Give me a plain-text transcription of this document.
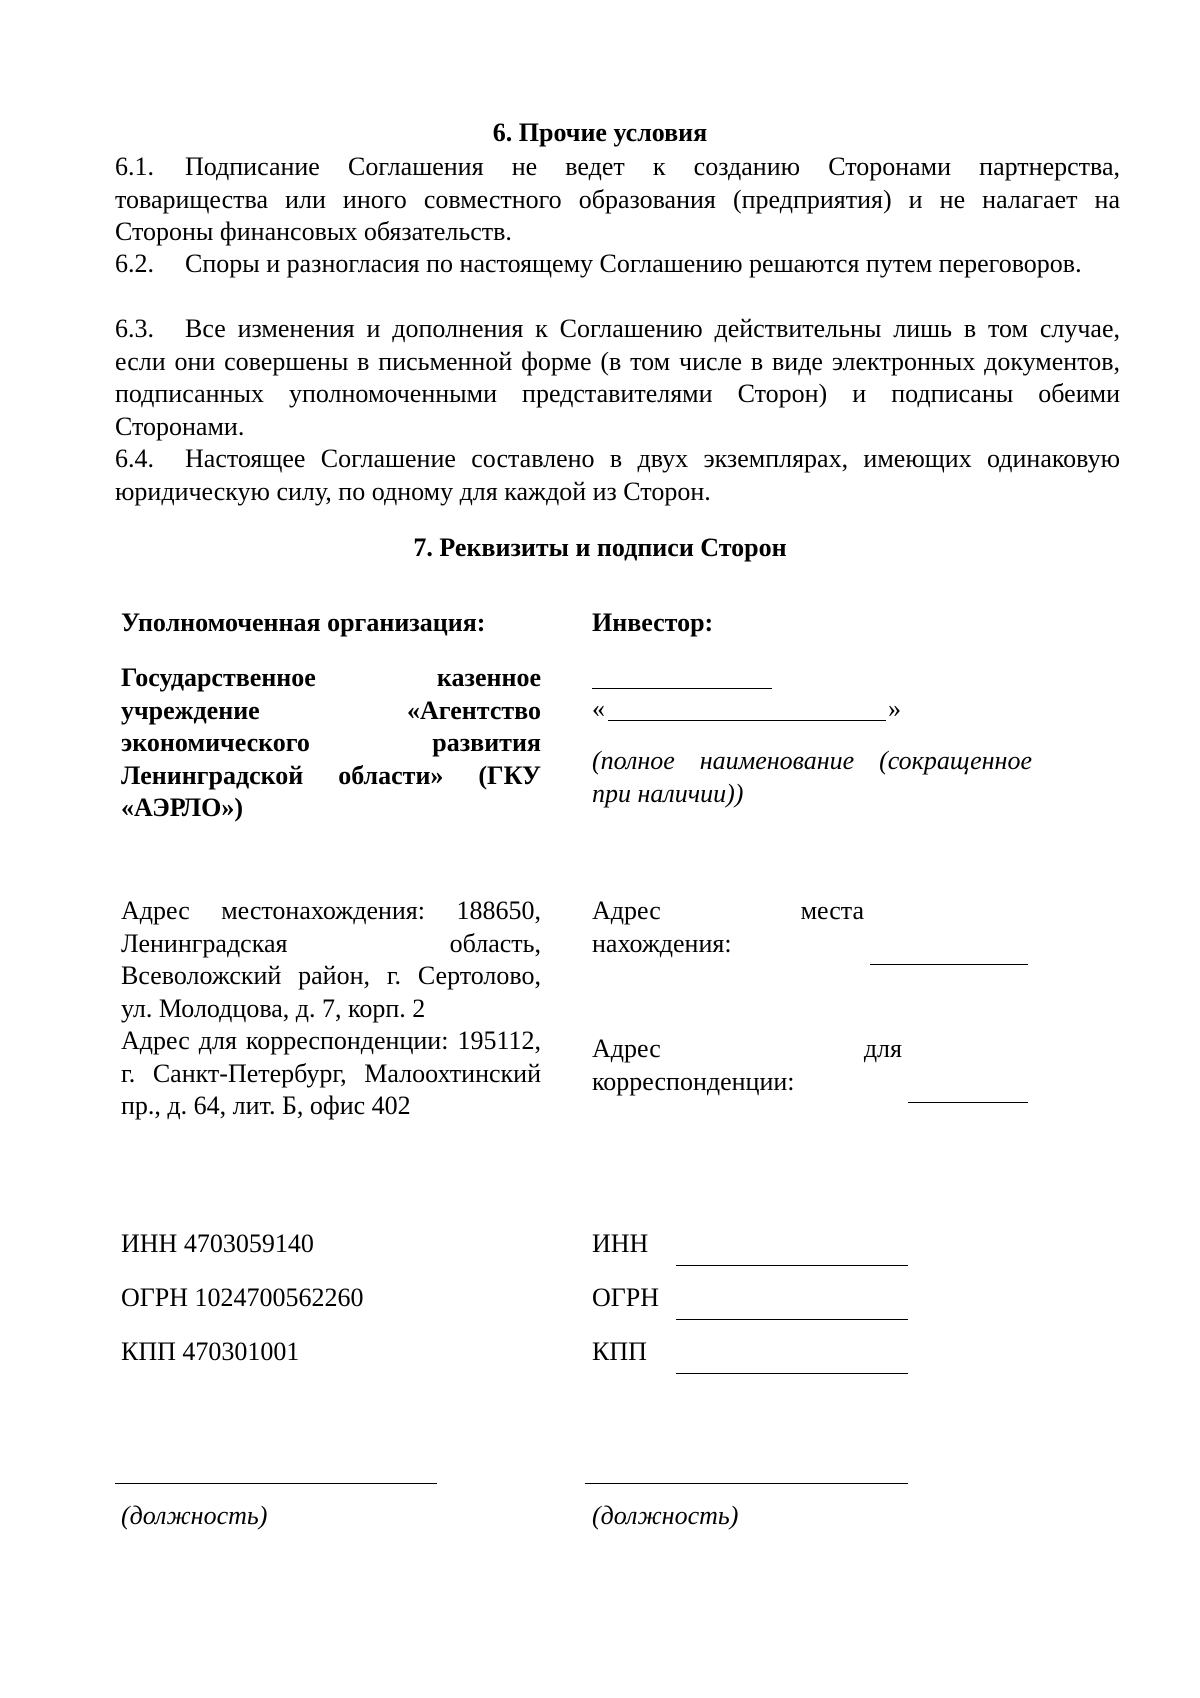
6. Прочие условия
6.1. Подписание Соглашения не ведет к созданию Сторонами партнерства, товарищества или иного совместного образования (предприятия) и не налагает на Стороны финансовых обязательств.
6.2. Споры и разногласия по настоящему Соглашению решаются путем переговоров.
6.3. Все изменения и дополнения к Соглашению действительны лишь в том случае, если они совершены в письменной форме (в том числе в виде электронных документов, подписанных уполномоченными представителями Сторон) и подписаны обеими Сторонами.
6.4. Настоящее Соглашение составлено в двух экземплярах, имеющих одинаковую юридическую силу, по одному для каждой из Сторон.
7. Реквизиты и подписи Сторон
Уполномоченная организация:
Государственное казенное учреждение «Агентство экономического развития Ленинградской области» (ГКУ «АЭРЛО»)
Адрес местонахождения: 188650, Ленинградская область, Всеволожский район, г. Сертолово, ул. Молодцова, д. 7, корп. 2
Адрес для корреспонденции: 195112, г. Санкт-Петербург, Малоохтинский пр., д. 64, лит. Б, офис 402
ИНН 4703059140
ОГРН 1024700562260
КПП 470301001
(должность)
Инвестор:
«	»
(полное наименование (сокращенное при наличии))
Адрес места нахождения:
Адрес для корреспонденции:
ИНН
ОГРН
КПП
(должность)
